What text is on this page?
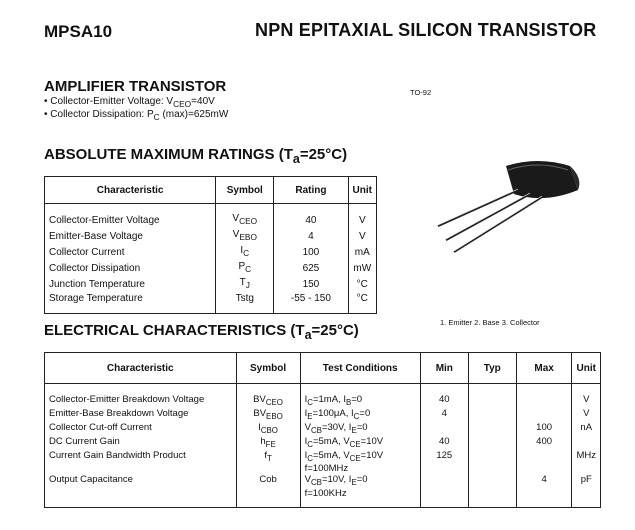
MPSA10	NPN EPITAXIAL SILICON TRANSISTOR
AMPLIFIER TRANSISTOR
• Collector-Emitter Voltage: $V_{CEO}=40V$
• Collector Dissipation: $P_C$ (max)=625mW
TO-92
ABSOLUTE MAXIMUM RATINGS $(T_a=25^\circ C)$
Characteristic	Symbol	Rating	Unit
Collector-Emitter Voltage	$V_{CEO}$	40	V
Emitter-Base Voltage	$V_{EBO}$	4	V
Collector Current	$I_C$	100	mA
Collector Dissipation	$P_C$	625	mW
Junction Temperature	$T_J$	150	°C
Storage Temperature	Tstg	-55 - 150	°C

1. Emitter 2. Base 3. Collector
ELECTRICAL CHARACTERISTICS $(T_a=25^\circ C)$
Characteristic	Symbol	Test Conditions	Min	Typ	Max	Unit
Collector-Emitter Breakdown Voltage	$BV_{CEO}$	$I_C=1mA$, $I_B=0$	40			V
Emitter-Base Breakdown Voltage	$BV_{EBO}$	$I_E=100\mu A$, $I_C=0$	4			V
Collector Cut-off Current	$I_{CBO}$	$V_{CB}=30V$, $I_E=0$			100	nA
DC Current Gain	$h_{FE}$	$I_C=5mA$, $V_{CE}=10V$	40		400	
Current Gain Bandwidth Product	$f_T$	$I_C=5mA$, $V_{CE}=10V$	125			MHz
		f=100MHz				
Output Capacitance	Cob	$V_{CB}=10V$, $I_E=0$			4	pF
		f=100KHz				
